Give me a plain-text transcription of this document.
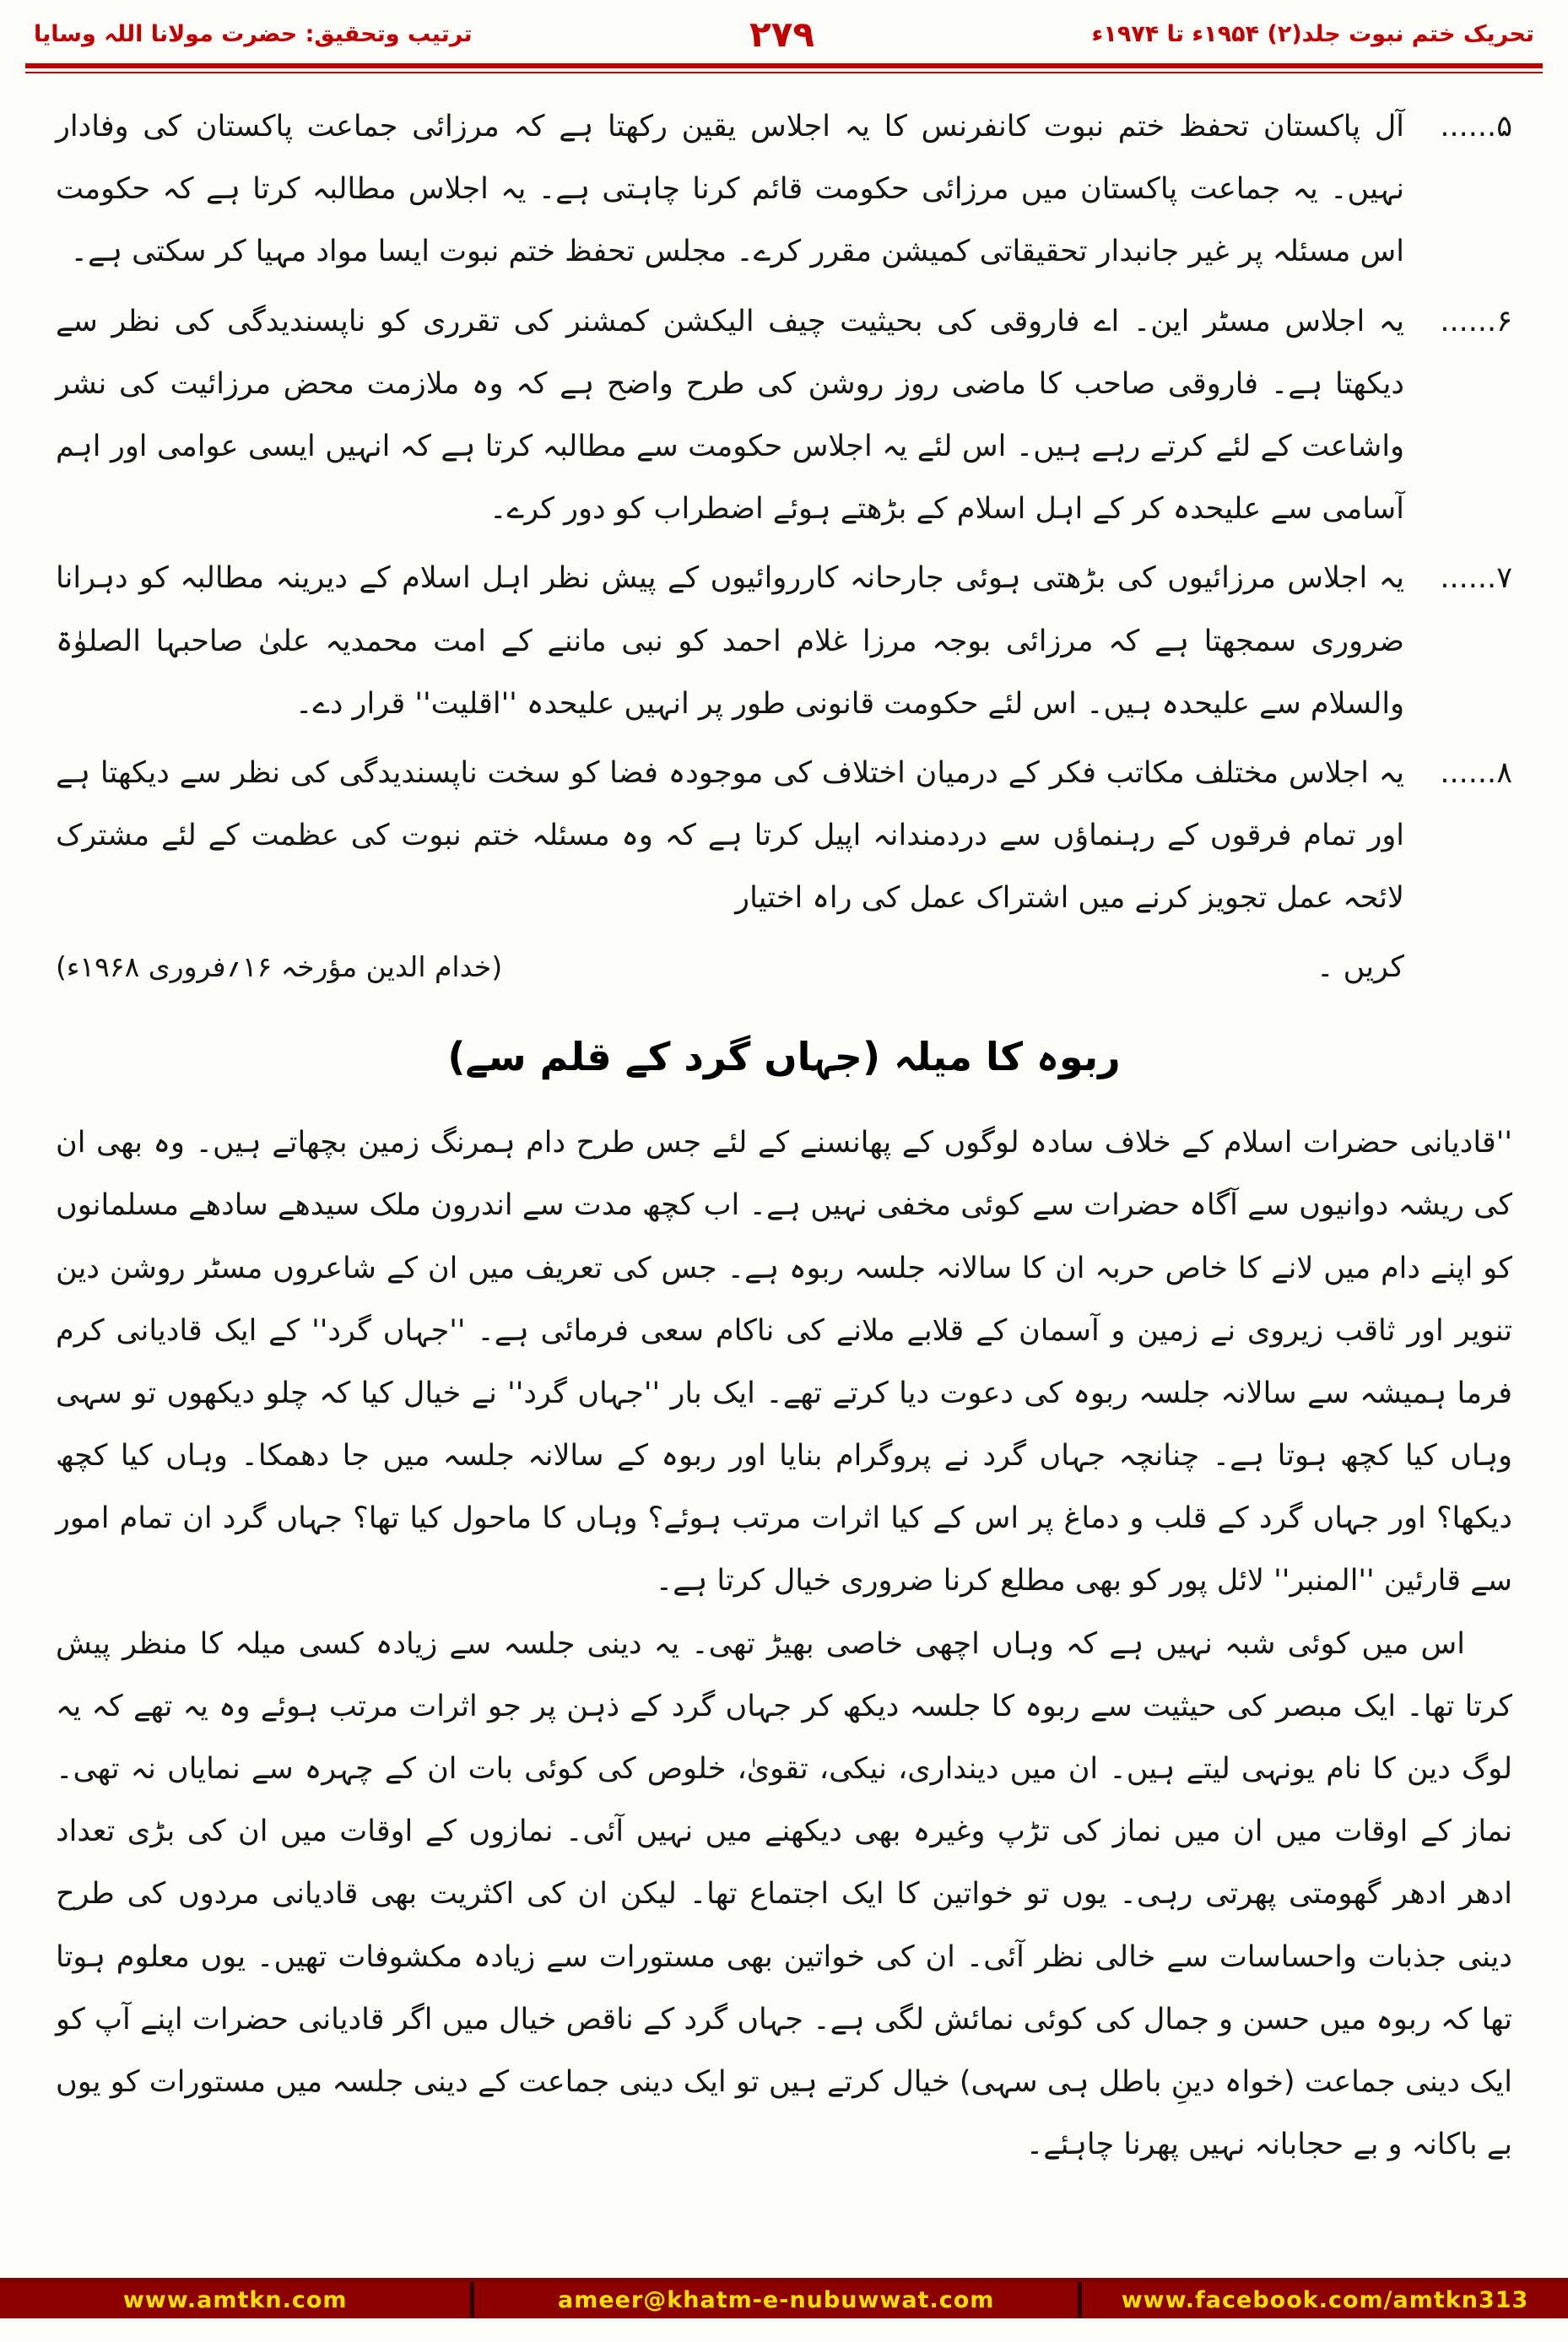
تحریک ختم نبوت جلد(۲) ۱۹۵۴ء تا ۱۹۷۴ء
۲۷۹
ترتیب وتحقیق: حضرت مولانا اللہ وسایا
۵......

آل پاکستان تحفظ ختم نبوت کانفرنس کا یہ اجلاس یقین رکھتا ہے کہ مرزائی جماعت پاکستان کی وفادار نہیں۔ یہ جماعت پاکستان میں مرزائی حکومت قائم کرنا چاہتی ہے۔ یہ اجلاس مطالبہ کرتا ہے کہ حکومت اس مسئلہ پر غیر جانبدار تحقیقاتی کمیشن مقرر کرے۔ مجلس تحفظ ختم نبوت ایسا مواد مہیا کر سکتی ہے۔

۶......

یہ اجلاس مسٹر این۔ اے فاروقی کی بحیثیت چیف الیکشن کمشنر کی تقرری کو ناپسندیدگی کی نظر سے دیکھتا ہے۔ فاروقی صاحب کا ماضی روز روشن کی طرح واضح ہے کہ وہ ملازمت محض مرزائیت کی نشر واشاعت کے لئے کرتے رہے ہیں۔ اس لئے یہ اجلاس حکومت سے مطالبہ کرتا ہے کہ انہیں ایسی عوامی اور اہم آسامی سے علیحدہ کر کے اہل اسلام کے بڑھتے ہوئے اضطراب کو دور کرے۔

۷......

یہ اجلاس مرزائیوں کی بڑھتی ہوئی جارحانہ کارروائیوں کے پیش نظر اہل اسلام کے دیرینہ مطالبہ کو دہرانا ضروری سمجھتا ہے کہ مرزائی بوجہ مرزا غلام احمد کو نبی ماننے کے امت محمدیہ علیٰ صاحبہا الصلوٰۃ والسلام سے علیحدہ ہیں۔ اس لئے حکومت قانونی طور پر انہیں علیحدہ ''اقلیت'' قرار دے۔

۸......

یہ اجلاس مختلف مکاتب فکر کے درمیان اختلاف کی موجودہ فضا کو سخت ناپسندیدگی کی نظر سے دیکھتا ہے اور تمام فرقوں کے رہنماؤں سے دردمندانہ اپیل کرتا ہے کہ وہ مسئلہ ختم نبوت کی عظمت کے لئے مشترک لائحہ عمل تجویز کرنے میں اشتراک عمل کی راہ اختیار

کریں ۔
(خدام الدین مؤرخہ ۱۶؍فروری ۱۹۶۸ء)
ربوہ کا میلہ (جہاں گرد کے قلم سے)

''قادیانی حضرات اسلام کے خلاف سادہ لوگوں کے پھانسنے کے لئے جس طرح دام ہمرنگ زمین بچھاتے ہیں۔ وہ بھی ان کی ریشہ دوانیوں سے آگاہ حضرات سے کوئی مخفی نہیں ہے۔ اب کچھ مدت سے اندرون ملک سیدھے سادھے مسلمانوں کو اپنے دام میں لانے کا خاص حربہ ان کا سالانہ جلسہ ربوہ ہے۔ جس کی تعریف میں ان کے شاعروں مسٹر روشن دین تنویر اور ثاقب زیروی نے زمین و آسمان کے قلابے ملانے کی ناکام سعی فرمائی ہے۔ ''جہاں گرد'' کے ایک قادیانی کرم فرما ہمیشہ سے سالانہ جلسہ ربوہ کی دعوت دیا کرتے تھے۔ ایک بار ''جہاں گرد'' نے خیال کیا کہ چلو دیکھوں تو سہی وہاں کیا کچھ ہوتا ہے۔ چنانچہ جہاں گرد نے پروگرام بنایا اور ربوہ کے سالانہ جلسہ میں جا دھمکا۔ وہاں کیا کچھ دیکھا؟ اور جہاں گرد کے قلب و دماغ پر اس کے کیا اثرات مرتب ہوئے؟ وہاں کا ماحول کیا تھا؟ جہاں گرد ان تمام امور سے قارئین ''المنبر'' لائل پور کو بھی مطلع کرنا ضروری خیال کرتا ہے۔

اس میں کوئی شبہ نہیں ہے کہ وہاں اچھی خاصی بھیڑ تھی۔ یہ دینی جلسہ سے زیادہ کسی میلہ کا منظر پیش کرتا تھا۔ ایک مبصر کی حیثیت سے ربوہ کا جلسہ دیکھ کر جہاں گرد کے ذہن پر جو اثرات مرتب ہوئے وہ یہ تھے کہ یہ لوگ دین کا نام یونہی لیتے ہیں۔ ان میں دینداری، نیکی، تقویٰ، خلوص کی کوئی بات ان کے چہرہ سے نمایاں نہ تھی۔ نماز کے اوقات میں ان میں نماز کی تڑپ وغیرہ بھی دیکھنے میں نہیں آئی۔ نمازوں کے اوقات میں ان کی بڑی تعداد ادھر ادھر گھومتی پھرتی رہی۔ یوں تو خواتین کا ایک اجتماع تھا۔ لیکن ان کی اکثریت بھی قادیانی مردوں کی طرح دینی جذبات واحساسات سے خالی نظر آئی۔ ان کی خواتین بھی مستورات سے زیادہ مکشوفات تھیں۔ یوں معلوم ہوتا تھا کہ ربوہ میں حسن و جمال کی کوئی نمائش لگی ہے۔ جہاں گرد کے ناقص خیال میں اگر قادیانی حضرات اپنے آپ کو ایک دینی جماعت (خواہ دینِ باطل ہی سہی) خیال کرتے ہیں تو ایک دینی جماعت کے دینی جلسہ میں مستورات کو یوں بے باکانہ و بے حجابانہ نہیں پھرنا چاہئے۔

www.amtkn.com	ameer@khatm-e-nubuwwat.com	www.facebook.com/amtkn313
